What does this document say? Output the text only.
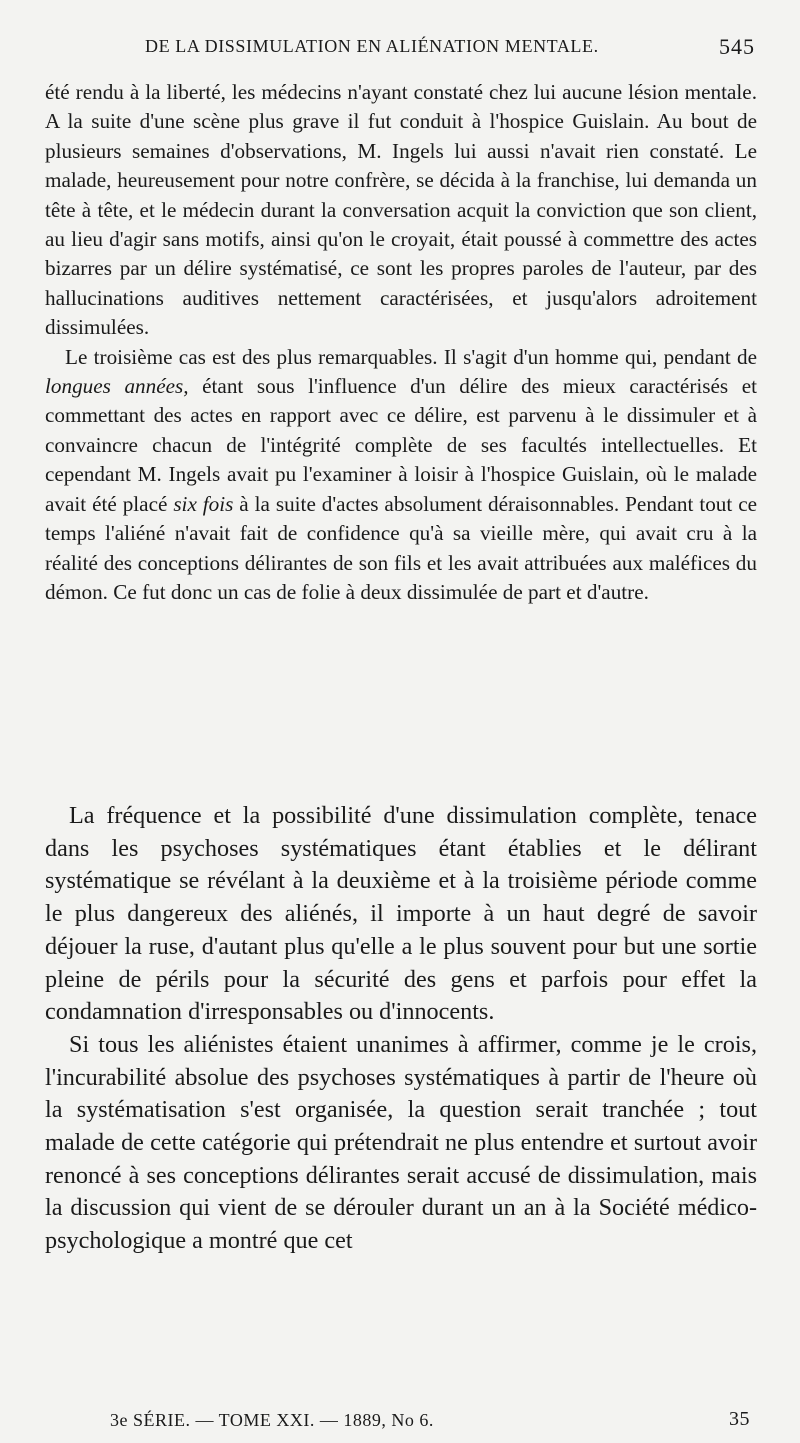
DE LA DISSIMULATION EN ALIÉNATION MENTALE.	545

été rendu à la liberté, les médecins n'ayant constaté chez lui aucune lésion mentale. A la suite d'une scène plus grave il fut conduit à l'hospice Guislain. Au bout de plusieurs semaines d'observations, M. Ingels lui aussi n'avait rien constaté. Le malade, heureusement pour notre confrère, se décida à la franchise, lui demanda un tête à tête, et le médecin durant la conversation acquit la conviction que son client, au lieu d'agir sans motifs, ainsi qu'on le croyait, était poussé à commettre des actes bizarres par un délire systématisé, ce sont les propres paroles de l'auteur, par des hallucinations auditives nettement caractérisées, et jusqu'alors adroitement dissimulées.

Le troisième cas est des plus remarquables. Il s'agit d'un homme qui, pendant de longues années, étant sous l'influence d'un délire des mieux caractérisés et commettant des actes en rapport avec ce délire, est parvenu à le dissimuler et à convaincre chacun de l'intégrité complète de ses facultés intellectuelles. Et cependant M. Ingels avait pu l'examiner à loisir à l'hospice Guislain, où le malade avait été placé six fois à la suite d'actes absolument déraisonnables. Pendant tout ce temps l'aliéné n'avait fait de confidence qu'à sa vieille mère, qui avait cru à la réalité des conceptions délirantes de son fils et les avait attribuées aux maléfices du démon. Ce fut donc un cas de folie à deux dissimulée de part et d'autre.

La fréquence et la possibilité d'une dissimulation complète, tenace dans les psychoses systématiques étant établies et le délirant systématique se révélant à la deuxième et à la troisième période comme le plus dangereux des aliénés, il importe à un haut degré de savoir déjouer la ruse, d'autant plus qu'elle a le plus souvent pour but une sortie pleine de périls pour la sécurité des gens et parfois pour effet la condamnation d'irresponsables ou d'innocents.

Si tous les aliénistes étaient unanimes à affirmer, comme je le crois, l'incurabilité absolue des psychoses systématiques à partir de l'heure où la systématisation s'est organisée, la question serait tranchée ; tout malade de cette catégorie qui prétendrait ne plus entendre et surtout avoir renoncé à ses conceptions délirantes serait accusé de dissimulation, mais la discussion qui vient de se dérouler durant un an à la Société médico-psychologique a montré que cet

3e SÉRIE. — TOME XXI. — 1889, No 6.	35
